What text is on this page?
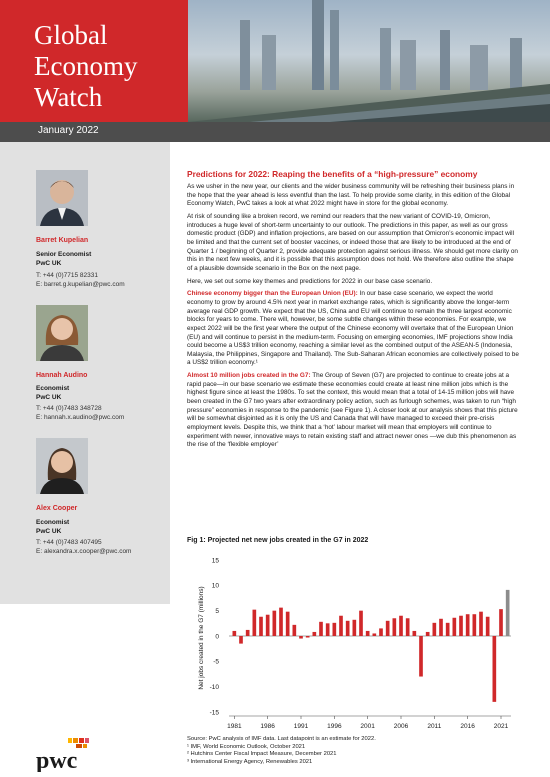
Global Economy Watch
January 2022
Barret Kupelian
Senior Economist
PwC UK
T: +44 (0)7715 82331
E: barret.g.kupelian@pwc.com
Hannah Audino
Economist
PwC UK
T: +44 (0)7483 348728
E: hannah.x.audino@pwc.com
Alex Cooper
Economist
PwC UK
T: +44 (0)7483 407495
E: alexandra.x.cooper@pwc.com
Predictions for 2022: Reaping the benefits of a “high-pressure” economy

As we usher in the new year, our clients and the wider business community will be refreshing their business plans in the hope that the year ahead is less eventful than the last. To help provide some clarity, in this edition of the Global Economy Watch, PwC takes a look at what 2022 might have in store for the global economy.

At risk of sounding like a broken record, we remind our readers that the new variant of COVID-19, Omicron, introduces a huge level of short-term uncertainty to our outlook. The predictions in this paper, as well as our gross domestic product (GDP) and inflation projections, are based on our assumption that Omicron’s economic impact will be limited and that the current set of booster vaccines, or indeed those that are likely to be introduced at the end of Quarter 1 / beginning of Quarter 2, provide adequate protection against serious illness. We should get more clarity on this in the next few weeks, and it is possible that this assumption does not hold. We therefore also outline the shape of a plausible downside scenario in the Box on the next page.

Here, we set out some key themes and predictions for 2022 in our base case scenario.

Chinese economy bigger than the European Union (EU): In our base case scenario, we expect the world economy to grow by around 4.5% next year in market exchange rates, which is significantly above the longer-term average real GDP growth. We expect that the US, China and EU will continue to remain the three largest economic blocks for years to come. There will, however, be some subtle changes within these economies. For example, we expect 2022 will be the first year where the output of the Chinese economy will overtake that of the European Union (EU) and will continue to persist in the medium-term. Focusing on emerging economies, IMF projections show India could become a US$3 trillion economy, reaching a similar level as the combined output of the ASEAN-5 (Indonesia, Malaysia, the Philippines, Singapore and Thailand). The Sub-Saharan African economies are collectively poised to be a US$2 trillion economy.¹

Almost 10 million jobs created in the G7: The Group of Seven (G7) are projected to continue to create jobs at a rapid pace—in our base scenario we estimate these economies could create at least nine million jobs which is the highest figure since at least the 1980s. To set the context, this would mean that a total of 14-15 million jobs will have been created in the G7 two years after extraordinary policy action, such as furlough schemes, was taken to run “high pressure” economies in response to the pandemic (see Figure 1). A closer look at our analysis shows that this picture will be somewhat disjointed as it is only the US and Canada that will have managed to exceed their pre-crisis employment levels. Despite this, we think that a ‘hot’ labour market will mean that employers will continue to experiment with newer, innovative ways to retain existing staff and attract newer ones —we dub this phenomenon as the rise of the ‘flexible employer’

Fig 1: Projected net new jobs created in the G7 in 2022
Net jobs created in the G7 (millions)
15
10
5
0
-5
-10
-15
1981	1986	1991	1996	2001	2006	2011	2016	2021
Source: PwC analysis of IMF data. Last datapoint is an estimate for 2022.
¹ IMF, World Economic Outlook, October 2021
² Hutchins Center Fiscal Impact Measure, December 2021
³ International Energy Agency, Renewables 2021
pwc
